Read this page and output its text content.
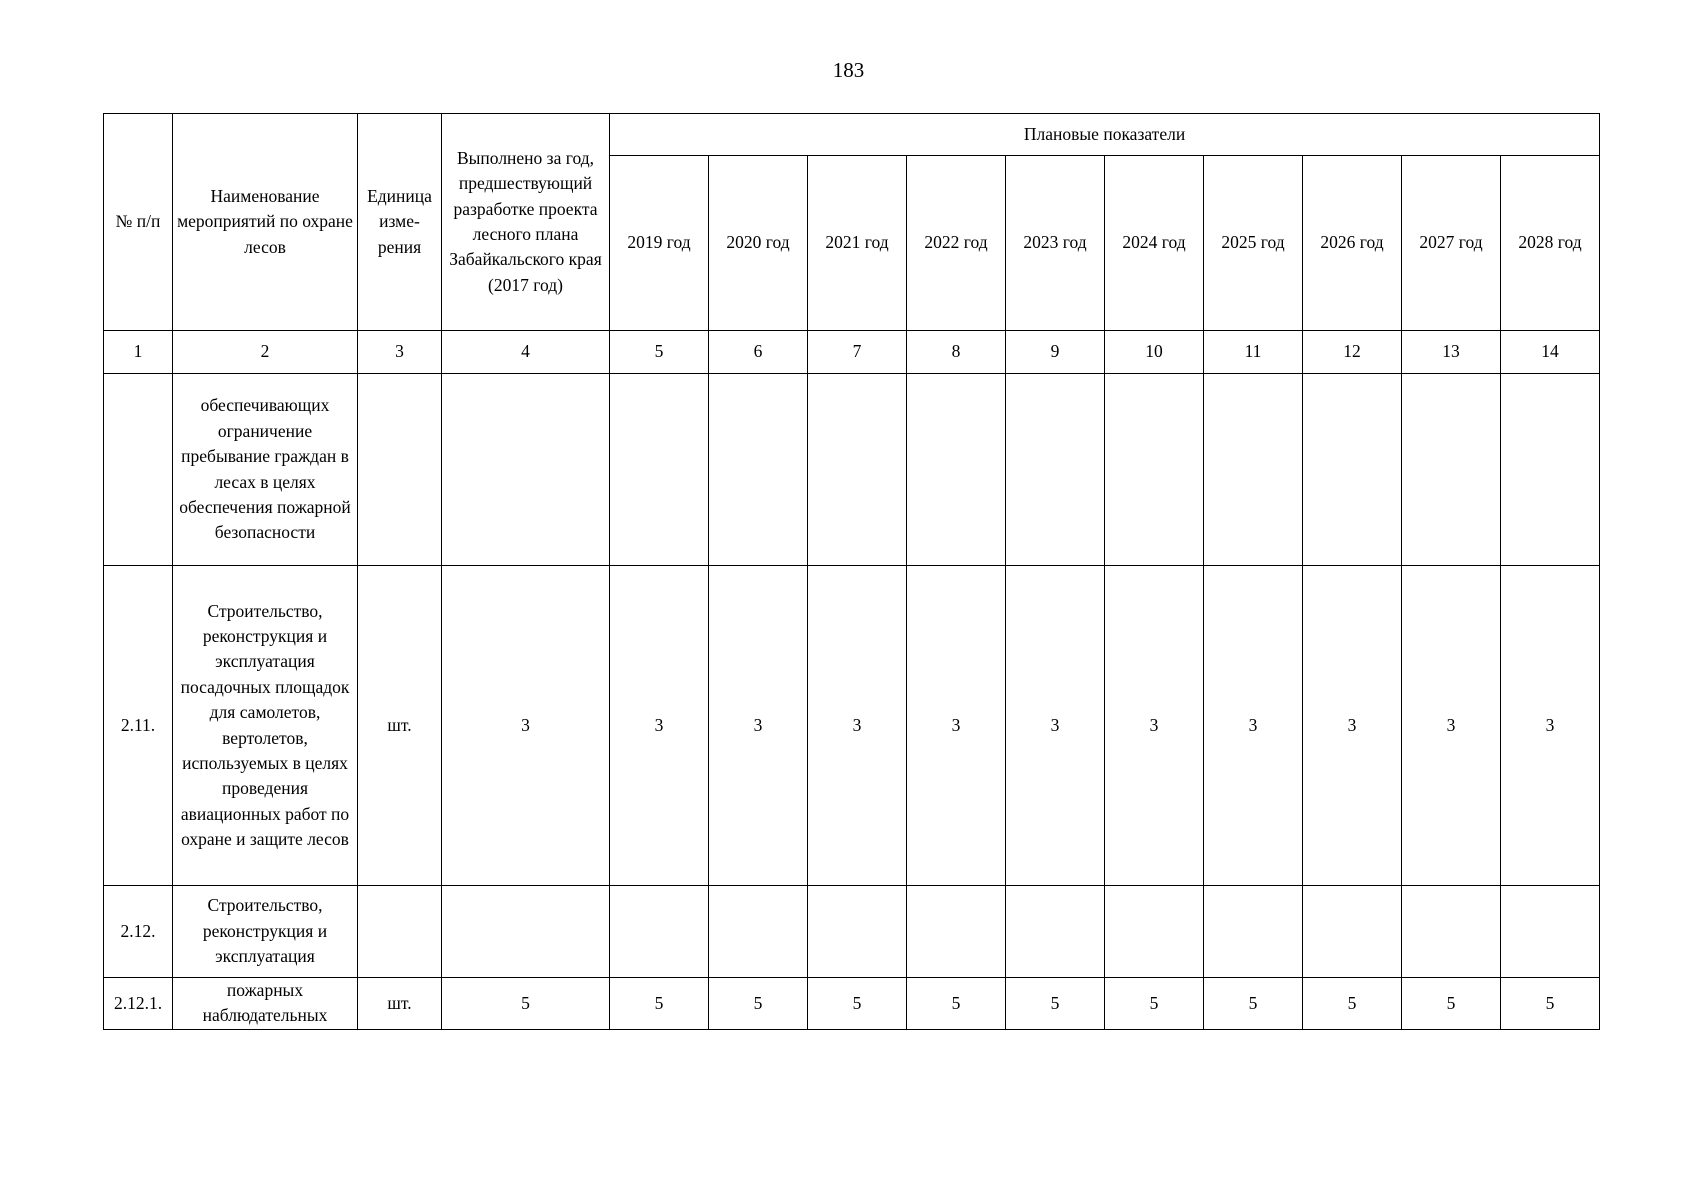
183
№ п/п	Наименование мероприятий по охране лесов	Единица изме-рения	Выполнено за год, предшествующий разработке проекта лесного плана Забайкальского края (2017 год)	Плановые показатели									
				2019 год	2020 год	2021 год	2022 год	2023 год	2024 год	2025 год	2026 год	2027 год	2028 год
1	2	3	4	5	6	7	8	9	10	11	12	13	14
	обеспечивающих ограничение пребывание граждан в лесах в целях обеспечения пожарной безопасности												
2.11.	Строительство, реконструкция и эксплуатация посадочных площадок для самолетов, вертолетов, используемых в целях проведения авиационных работ по охране и защите лесов	шт.	3	3	3	3	3	3	3	3	3	3	3
2.12.	Строительство, реконструкция и эксплуатация												
2.12.1.	пожарных наблюдательных	шт.	5	5	5	5	5	5	5	5	5	5	5
